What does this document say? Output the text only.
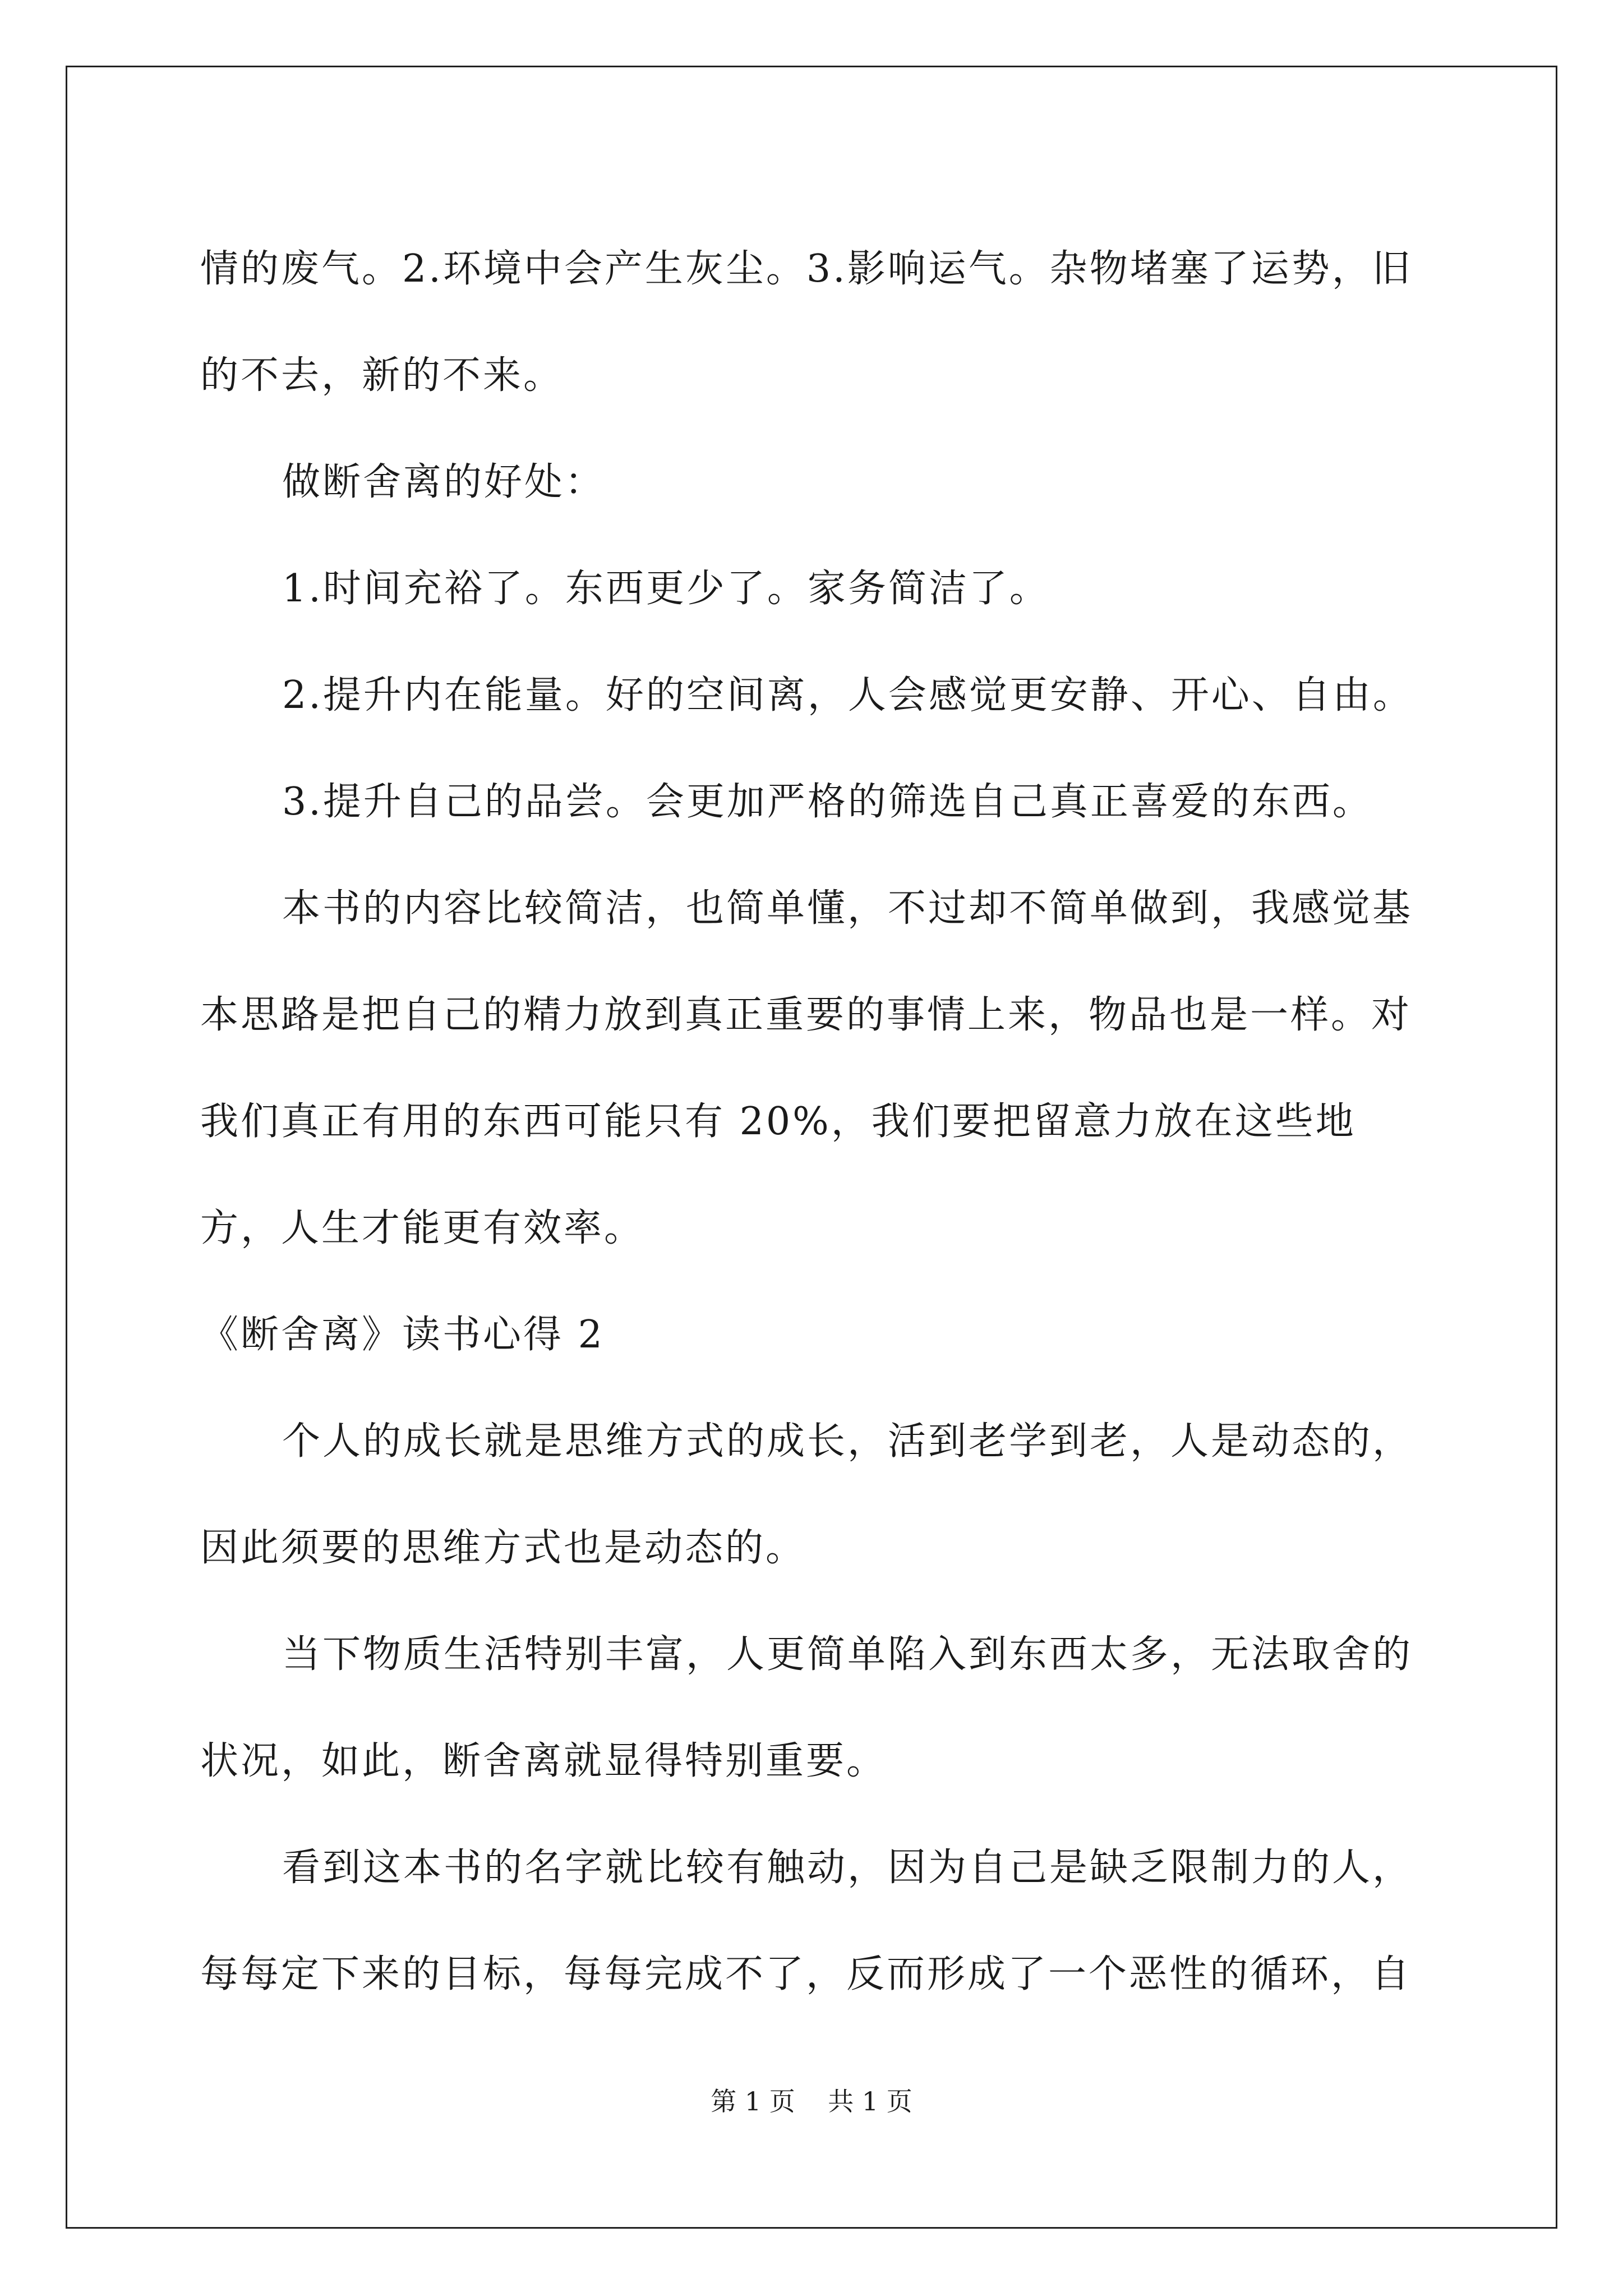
情的废气。2.环境中会产生灰尘。3.影响运气。杂物堵塞了运势，旧的不去，新的不来。

做断舍离的好处：

1.时间充裕了。东西更少了。家务简洁了。

2.提升内在能量。好的空间离，人会感觉更安静、开心、自由。

3.提升自己的品尝。会更加严格的筛选自己真正喜爱的东西。

本书的内容比较简洁，也简单懂，不过却不简单做到，我感觉基本思路是把自己的精力放到真正重要的事情上来，物品也是一样。对我们真正有用的东西可能只有 20%，我们要把留意力放在这些地方，人生才能更有效率。

《断舍离》读书心得 2

个人的成长就是思维方式的成长，活到老学到老，人是动态的，因此须要的思维方式也是动态的。

当下物质生活特别丰富，人更简单陷入到东西太多，无法取舍的状况，如此，断舍离就显得特别重要。

看到这本书的名字就比较有触动，因为自己是缺乏限制力的人，每每定下来的目标，每每完成不了，反而形成了一个恶性的循环，自

第 1 页 共 1 页
